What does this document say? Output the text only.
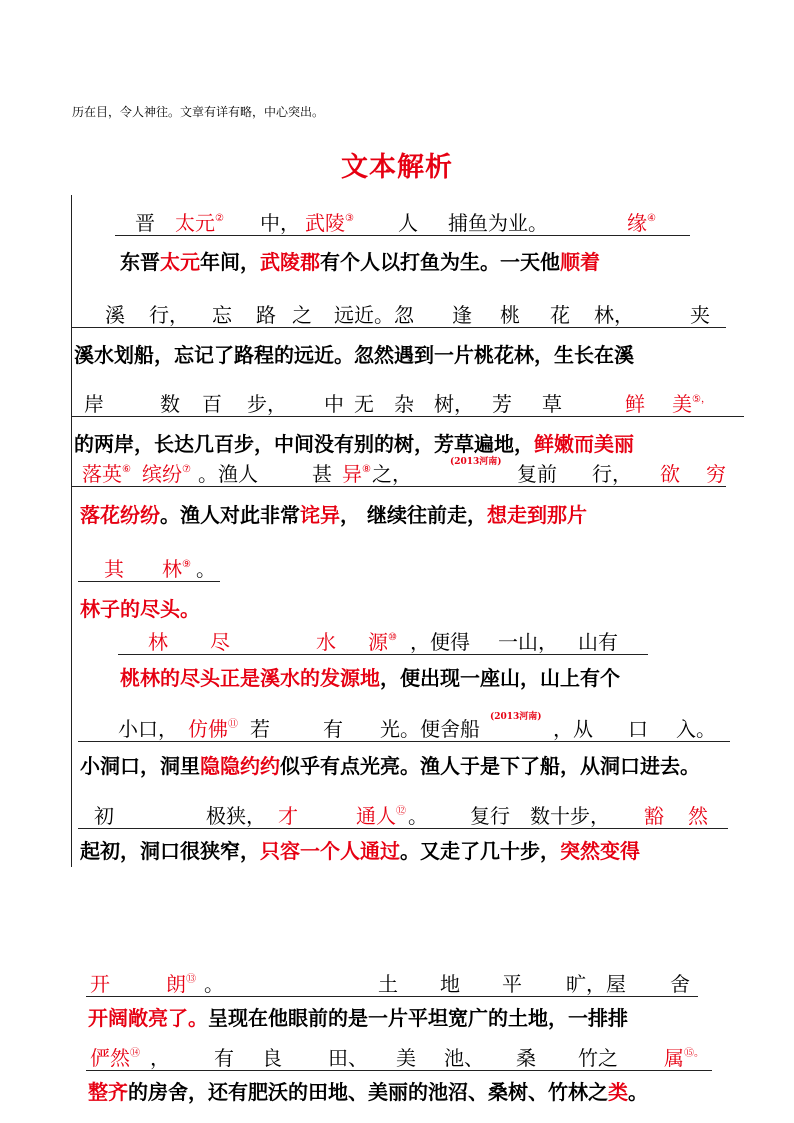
历在目，令人神往。文章有详有略，中心突出。
文本解析
晋 太元② 中， 武陵③ 人 捕鱼为业。	缘④
东晋太元年间，武陵郡有个人以打鱼为生。一天他顺着
溪 行， 忘 路 之 远近。忽 逢 桃 花 林，	夹
溪水划船，忘记了路程的远近。忽然遇到一片桃花林，生长在溪
岸	数 百 步， 中 无 杂 树， 芳 草	鲜 美⑤，
的两岸，长达几百步，中间没有别的树，芳草遍地，鲜嫩而美丽
落英⑥ 缤纷⑦ 。渔人	甚 异⑧ 之，	(2013河南) 复前 行， 欲 穷
落花纷纷。渔人对此非常诧异， 继续往前走，想走到那片
其 林⑨ 。
林子的尽头。
林 尽	水 源⑩ ，便得 一山， 山有
桃林的尽头正是溪水的发源地，便出现一座山，山上有个
小口， 仿佛⑪ 若	有 光。便舍船 (2013河南) ，从 口 入。
小洞口，洞里隐隐约约似乎有点光亮。渔人于是下了船，从洞口进去。
初	极狭， 才	通人⑫ 。 复行 数十步， 豁 然
起初，洞口很狭窄，只容一个人通过。又走了几十步，突然变得
开	朗⑬ 。	土 地 平 旷，屋 舍
开阔敞亮了。呈现在他眼前的是一片平坦宽广的土地，一排排
俨然⑭ ， 有 良 田、 美 池、 桑 竹之 属⑮。
整齐的房舍，还有肥沃的田地、美丽的池沼、桑树、竹林之类。
